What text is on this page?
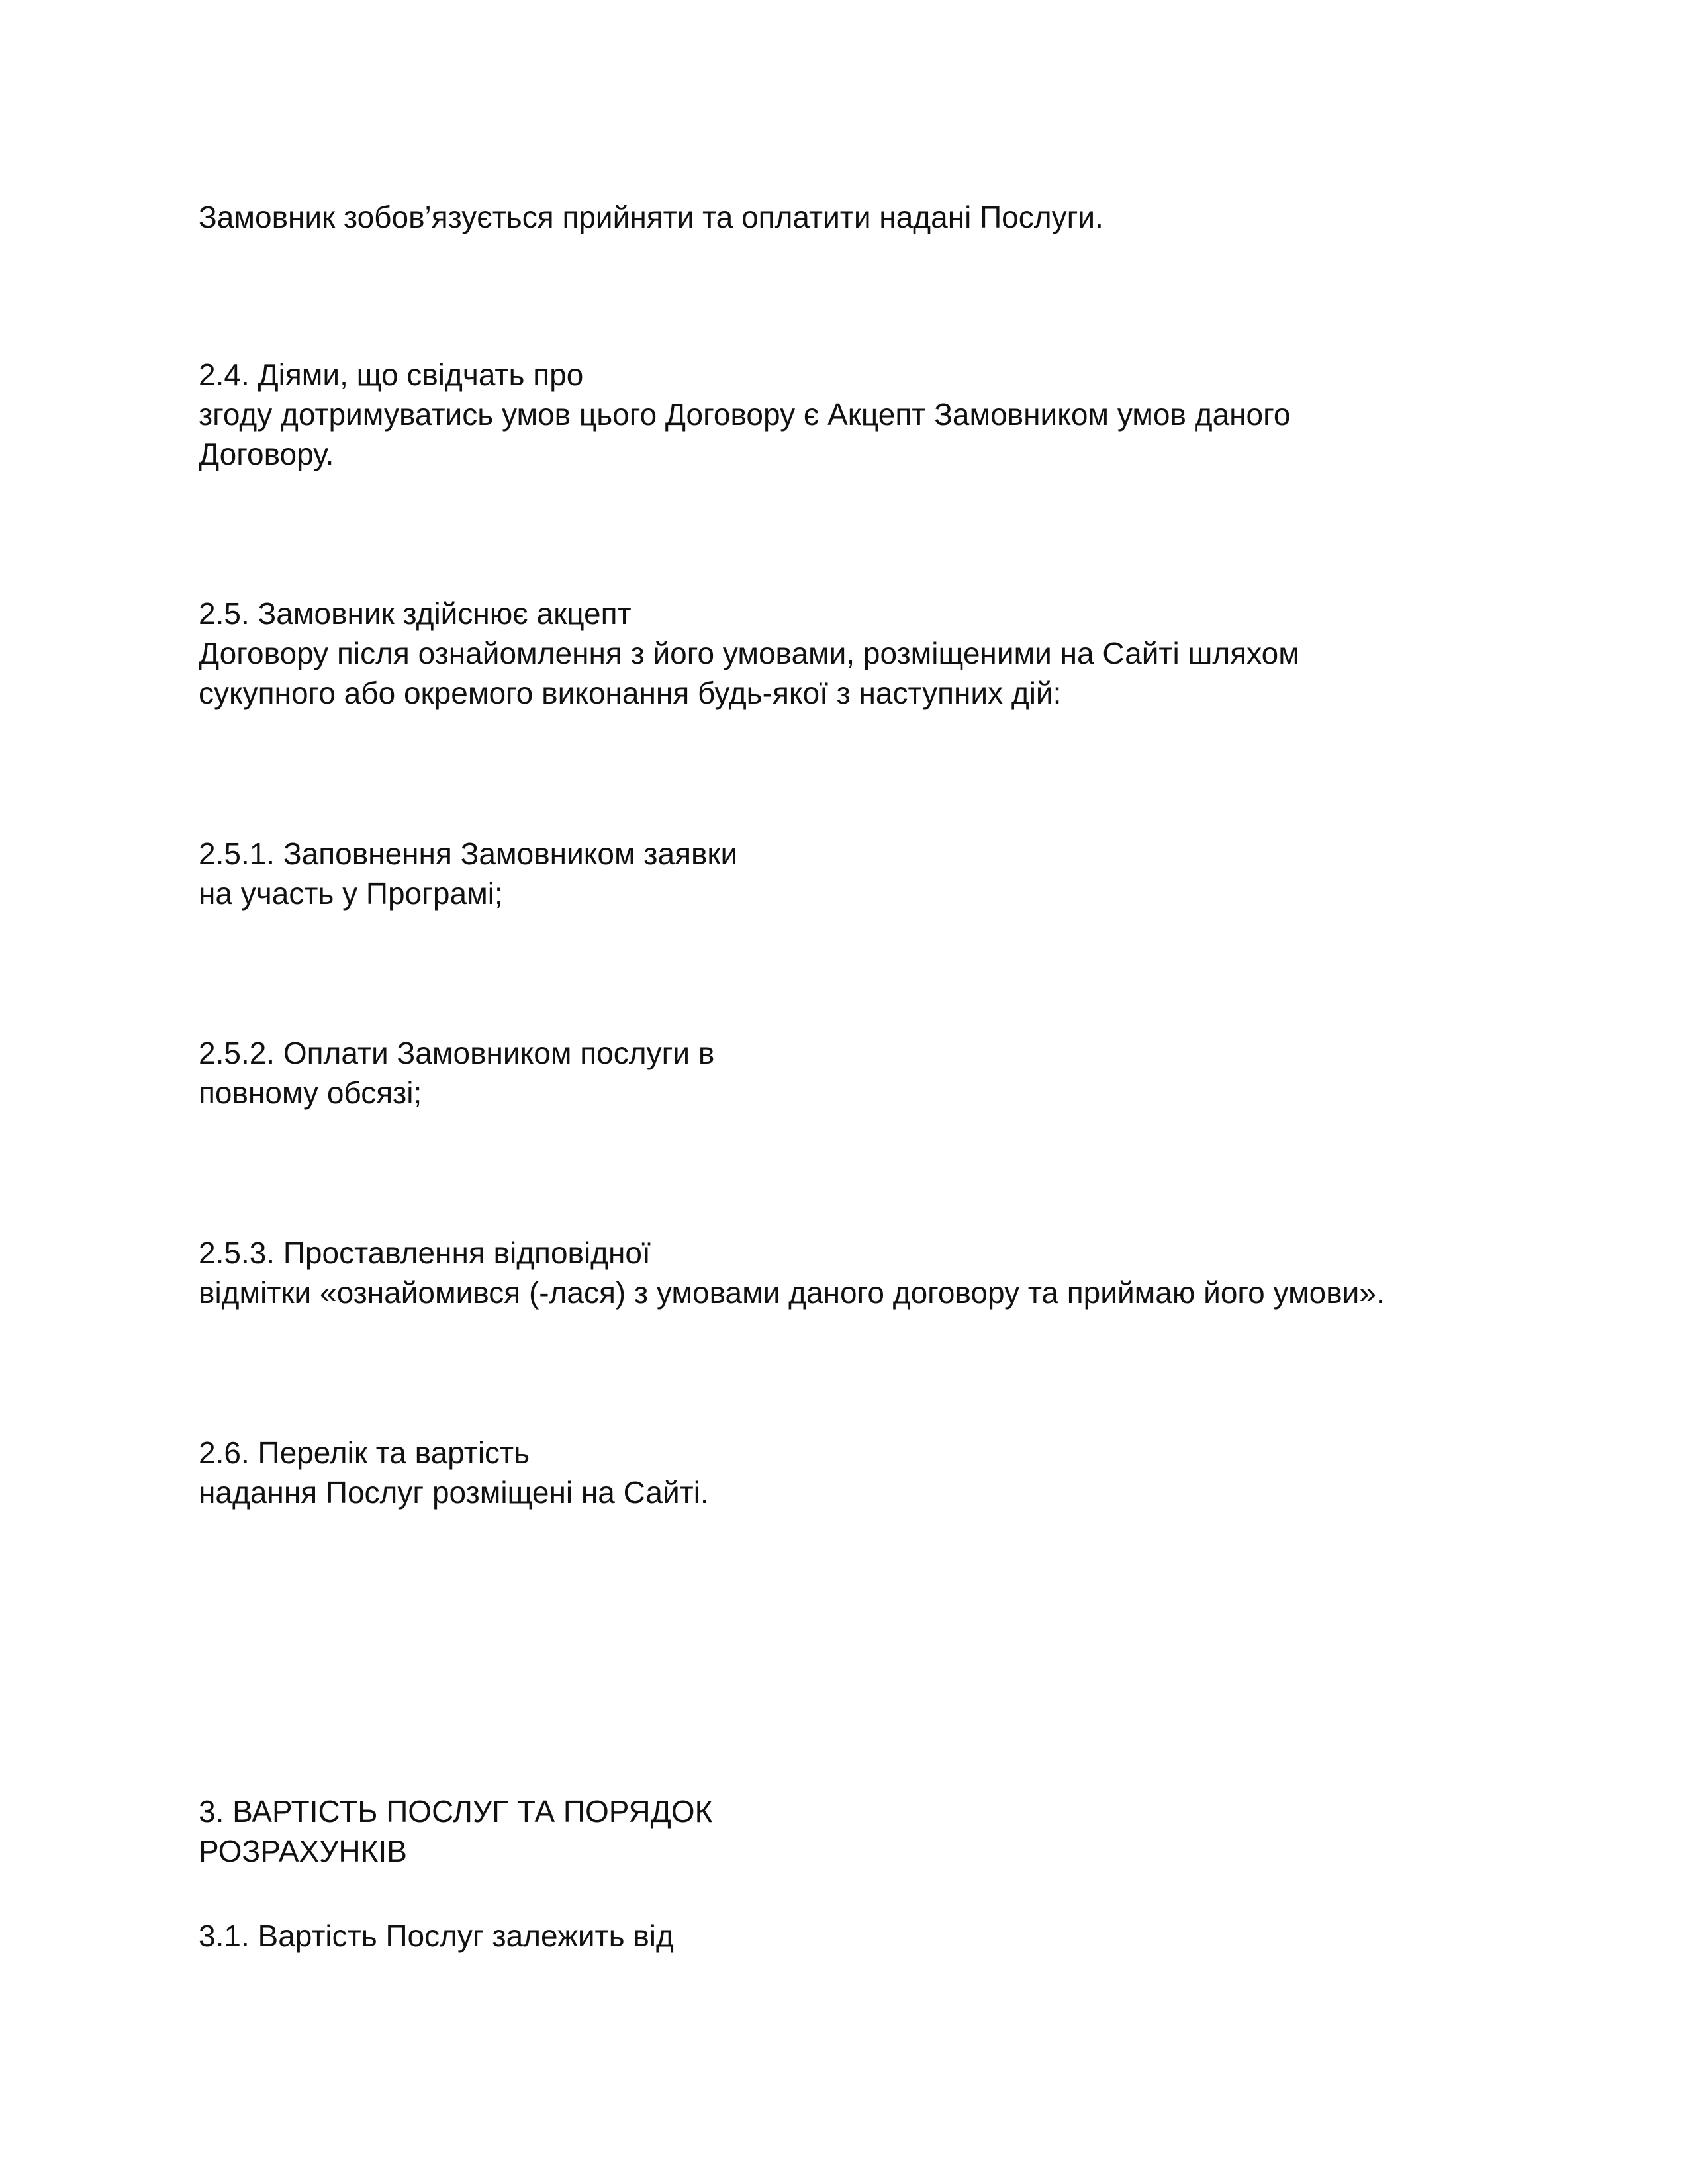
Замовник зобов’язується прийняти та оплатити надані Послуги.

2.4. Діями, що свідчать про
згоду дотримуватись умов цього Договору є Акцепт Замовником умов даного
Договору.

2.5. Замовник здійснює акцепт
Договору після ознайомлення з його умовами, розміщеними на Сайті шляхом
сукупного або окремого виконання будь-якої з наступних дій:

2.5.1. Заповнення Замовником заявки
на участь у Програмі;

2.5.2. Оплати Замовником послуги в
повному обсязі;

2.5.3. Проставлення відповідної
відмітки «ознайомився (-лася) з умовами даного договору та приймаю його умови».

2.6. Перелік та вартість
надання Послуг розміщені на Сайті.

3. ВАРТІСТЬ ПОСЛУГ ТА ПОРЯДОК
РОЗРАХУНКІВ

3.1. Вартість Послуг залежить від
